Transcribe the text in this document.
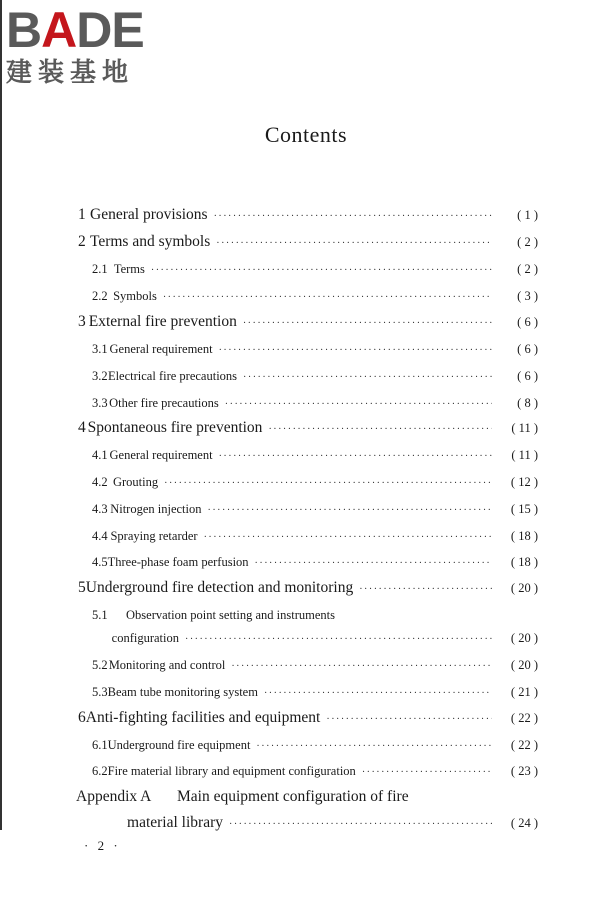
BADE
建装基地
Contents
1 General provisions ·····	( 1 )
2 Terms and symbols ·····	( 2 )
2.1 Terms ·····	( 2 )
2.2 Symbols ·····	( 3 )
3 External fire prevention ·····	( 6 )
3.1 General requirement ·····	( 6 )
3.2 Electrical fire precautions ·····	( 6 )
3.3 Other fire precautions ·····	( 8 )
4 Spontaneous fire prevention ·····	( 11 )
4.1 General requirement ·····	( 11 )
4.2 Grouting ·····	( 12 )
4.3 Nitrogen injection ·····	( 15 )
4.4 Spraying retarder ·····	( 18 )
4.5 Three-phase foam perfusion ·····	( 18 )
5 Underground fire detection and monitoring ·····	( 20 )
5.1	Observation point setting and instruments
configuration ·····	( 20 )
5.2 Monitoring and control ·····	( 20 )
5.3 Beam tube monitoring system ·····	( 21 )
6 Anti-fighting facilities and equipment ·····	( 22 )
6.1 Underground fire equipment ·····	( 22 )
6.2 Fire material library and equipment configuration ·····	( 23 )
Appendix A	Main equipment configuration of fire
material library ·····	( 24 )
· 2 ·
